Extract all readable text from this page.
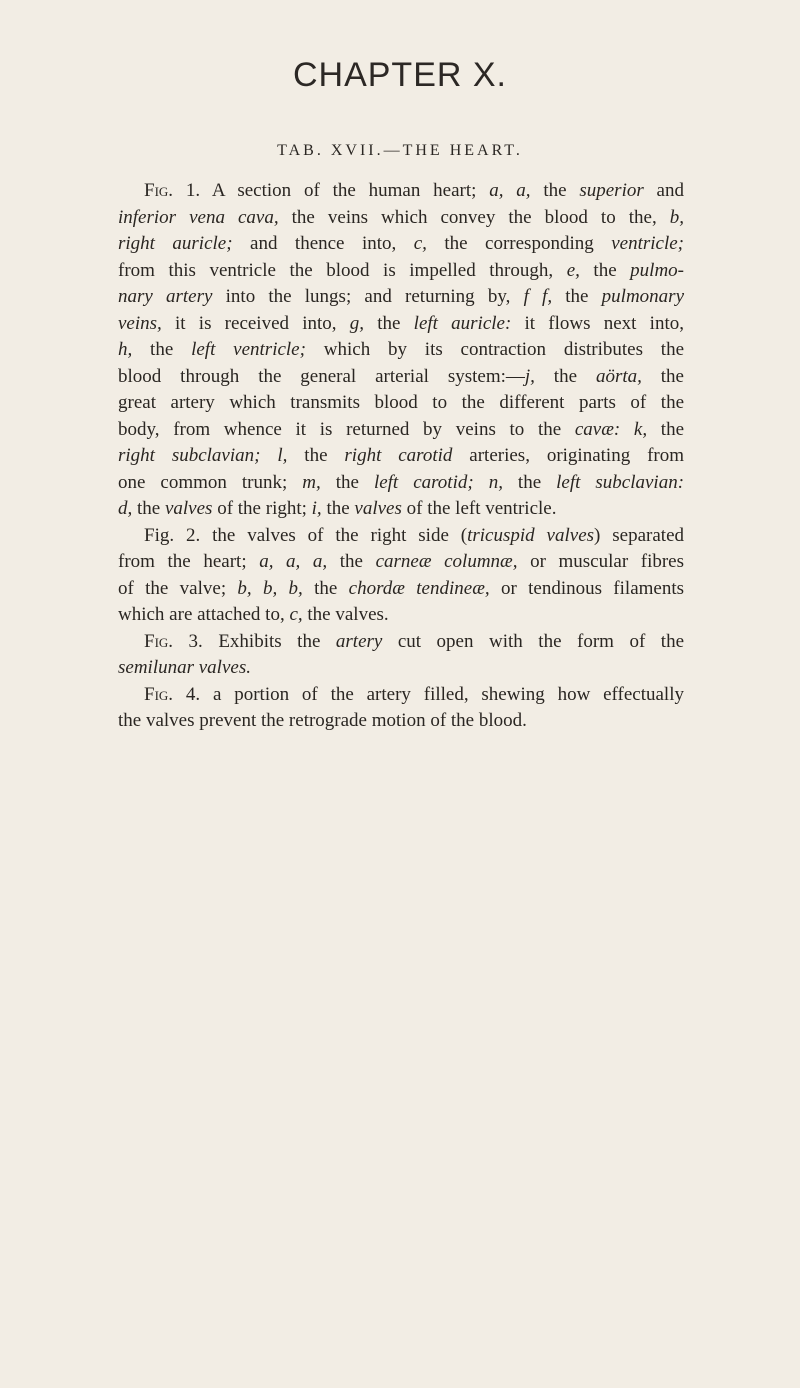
CHAPTER X.
TAB. XVII.—THE HEART.

Fig. 1. A section of the human heart; a, a, the superior and
inferior vena cava, the veins which convey the blood to the, b,
right auricle; and thence into, c, the corresponding ventricle;
from this ventricle the blood is impelled through, e, the pulmo-
nary artery into the lungs; and returning by, f f, the pulmonary
veins, it is received into, g, the left auricle: it flows next into,
h, the left ventricle; which by its contraction distributes the
blood through the general arterial system:—j, the aörta, the
great artery which transmits blood to the different parts of the
body, from whence it is returned by veins to the cavæ: k, the
right subclavian; l, the right carotid arteries, originating from
one common trunk; m, the left carotid; n, the left subclavian:
d, the valves of the right; i, the valves of the left ventricle.

Fig. 2. the valves of the right side (tricuspid valves) separated
from the heart; a, a, a, the carneæ columnæ, or muscular fibres
of the valve; b, b, b, the chordæ tendineæ, or tendinous filaments
which are attached to, c, the valves.

Fig. 3. Exhibits the artery cut open with the form of the
semilunar valves.

Fig. 4. a portion of the artery filled, shewing how effectually
the valves prevent the retrograde motion of the blood.
